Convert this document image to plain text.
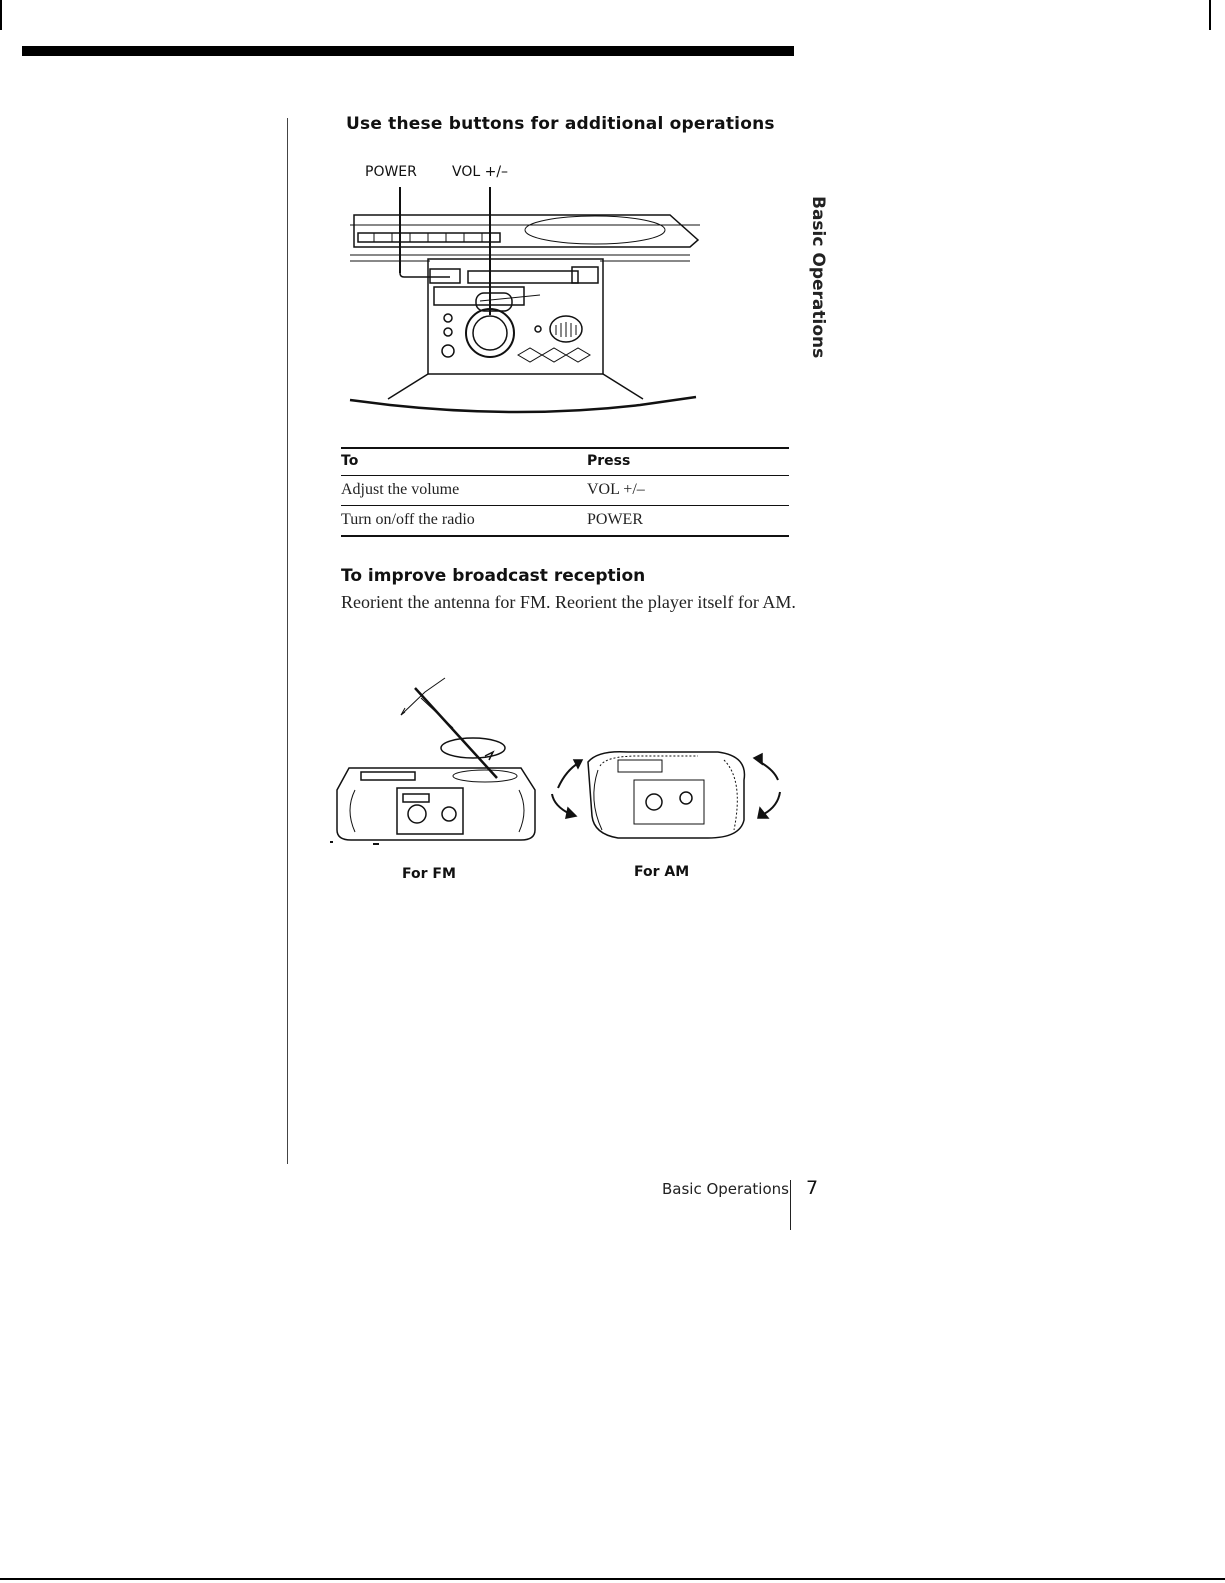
Use these buttons for additional operations
POWER	VOL +/–
Basic Operations
To	Press
Adjust the volume	VOL +/–
Turn on/off the radio	POWER
To improve broadcast reception
Reorient the antenna for FM. Reorient the player itself for AM.
For FM	For AM
Basic Operations 7
